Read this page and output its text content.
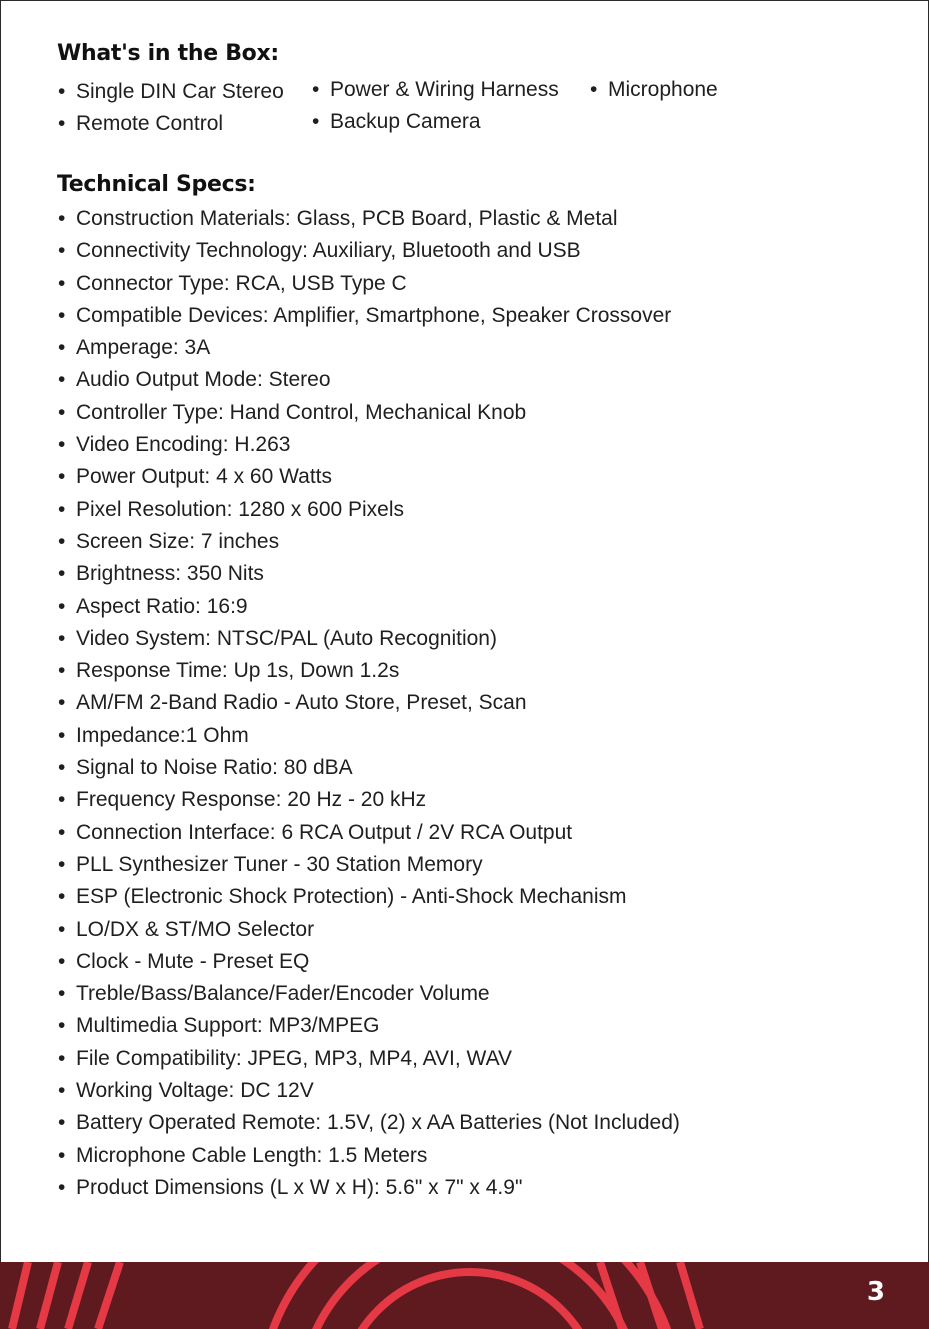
What's in the Box:
• Single DIN Car Stereo
• Remote Control
• Power & Wiring Harness
• Backup Camera
• Microphone
Technical Specs:
• Construction Materials: Glass, PCB Board, Plastic & Metal
• Connectivity Technology: Auxiliary, Bluetooth and USB
• Connector Type: RCA, USB Type C
• Compatible Devices: Amplifier, Smartphone, Speaker Crossover
• Amperage: 3A
• Audio Output Mode: Stereo
• Controller Type: Hand Control, Mechanical Knob
• Video Encoding: H.263
• Power Output: 4 x 60 Watts
• Pixel Resolution: 1280 x 600 Pixels
• Screen Size: 7 inches
• Brightness: 350 Nits
• Aspect Ratio: 16:9
• Video System: NTSC/PAL (Auto Recognition)
• Response Time: Up 1s, Down 1.2s
• AM/FM 2-Band Radio - Auto Store, Preset, Scan
• Impedance:1 Ohm
• Signal to Noise Ratio: 80 dBA
• Frequency Response: 20 Hz - 20 kHz
• Connection Interface: 6 RCA Output / 2V RCA Output
• PLL Synthesizer Tuner - 30 Station Memory
• ESP (Electronic Shock Protection) - Anti-Shock Mechanism
• LO/DX & ST/MO Selector
• Clock - Mute - Preset EQ
• Treble/Bass/Balance/Fader/Encoder Volume
• Multimedia Support: MP3/MPEG
• File Compatibility: JPEG, MP3, MP4, AVI, WAV
• Working Voltage: DC 12V
• Battery Operated Remote: 1.5V, (2) x AA Batteries (Not Included)
• Microphone Cable Length: 1.5 Meters
• Product Dimensions (L x W x H): 5.6" x 7" x 4.9"
3
